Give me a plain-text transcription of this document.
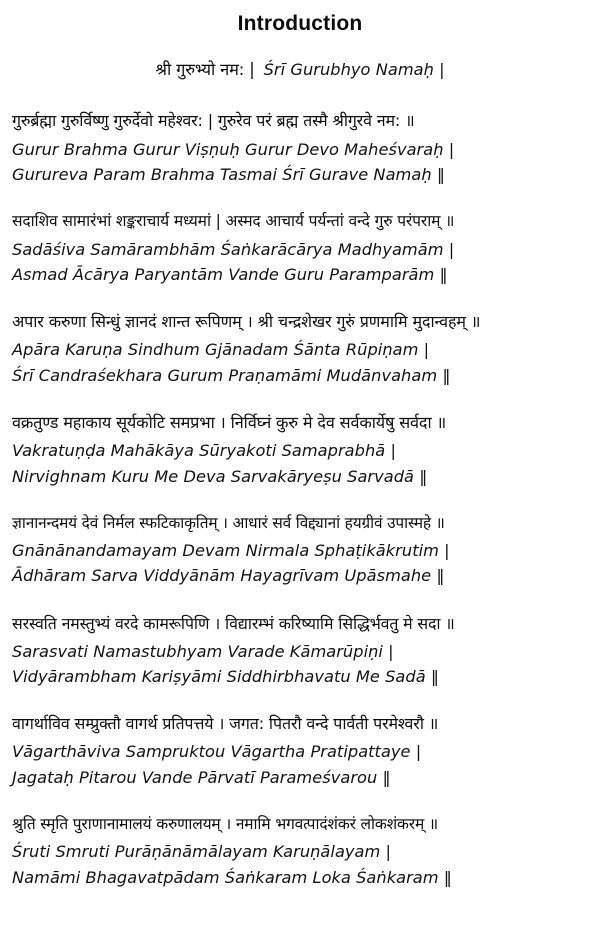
Introduction
श्री गुरुभ्यो नम: | Śrī Gurubhyo Namaḥ |
गुरुर्ब्रह्मा गुरुर्विष्णु गुरुर्देवो महेश्वर: | गुरुरेव परं ब्रह्म तस्मै श्रीगुरवे नम: ॥
Gurur Brahma Gurur Viṣṇuḥ Gurur Devo Maheśvaraḥ |
Gurureva Param Brahma Tasmai Śrī Gurave Namaḥ ‖
सदाशिव सामारंभां शङ्कराचार्य मध्यमां | अस्मद आचार्य पर्यन्तां वन्दे गुरु परंपराम् ॥
Sadāśiva Samārambhām Śaṅkarācārya Madhyamām |
Asmad Ācārya Paryantām Vande Guru Paramparām ‖
अपार करुणा सिन्धुं ज्ञानदं शान्त रूपिणम् । श्री चन्द्रशेखर गुरुं प्रणमामि मुदान्वहम् ॥
Apāra Karuṇa Sindhum Gjānadam Śānta Rūpiṇam |
Śrī Candraśekhara Gurum Praṇamāmi Mudānvaham ‖
वक्रतुण्ड महाकाय सूर्यकोटि समप्रभा । निर्विघ्नं कुरु मे देव सर्वकार्येषु सर्वदा ॥
Vakratuṇḍa Mahākāya Sūryakoti Samaprabhā |
Nirvighnam Kuru Me Deva Sarvakāryeṣu Sarvadā ‖
ज्ञानानन्दमयं देवं निर्मल स्फटिकाकृतिम् । आधारं सर्व विद्द्यानां हयग्रीवं उपास्महे ॥
Gnānānandamayam Devam Nirmala Sphaṭikākrutim |
Ādhāram Sarva Viddyānām Hayagrīvam Upāsmahe ‖
सरस्वति नमस्तुभ्यं वरदे कामरूपिणि । विद्यारम्भं करिष्यामि सिद्धिर्भवतु मे सदा ॥
Sarasvati Namastubhyam Varade Kāmarūpiṇi |
Vidyārambham Kariṣyāmi Siddhirbhavatu Me Sadā ‖
वागर्थाविव सम्प्रुक्तौ वागर्थ प्रतिपत्तये । जगत: पितरौ वन्दे पार्वती परमेश्वरौ ॥
Vāgarthāviva Sampruktou Vāgartha Pratipattaye |
Jagataḥ Pitarou Vande Pārvatī Parameśvarou ‖
श्रुति स्मृति पुराणानामालयं करुणालयम् । नमामि भगवत्पादंशंकरं लोकशंकरम् ॥
Śruti Smruti Purāṇānāmālayam Karuṇālayam |
Namāmi Bhagavatpādam Śaṅkaram Loka Śaṅkaram ‖
